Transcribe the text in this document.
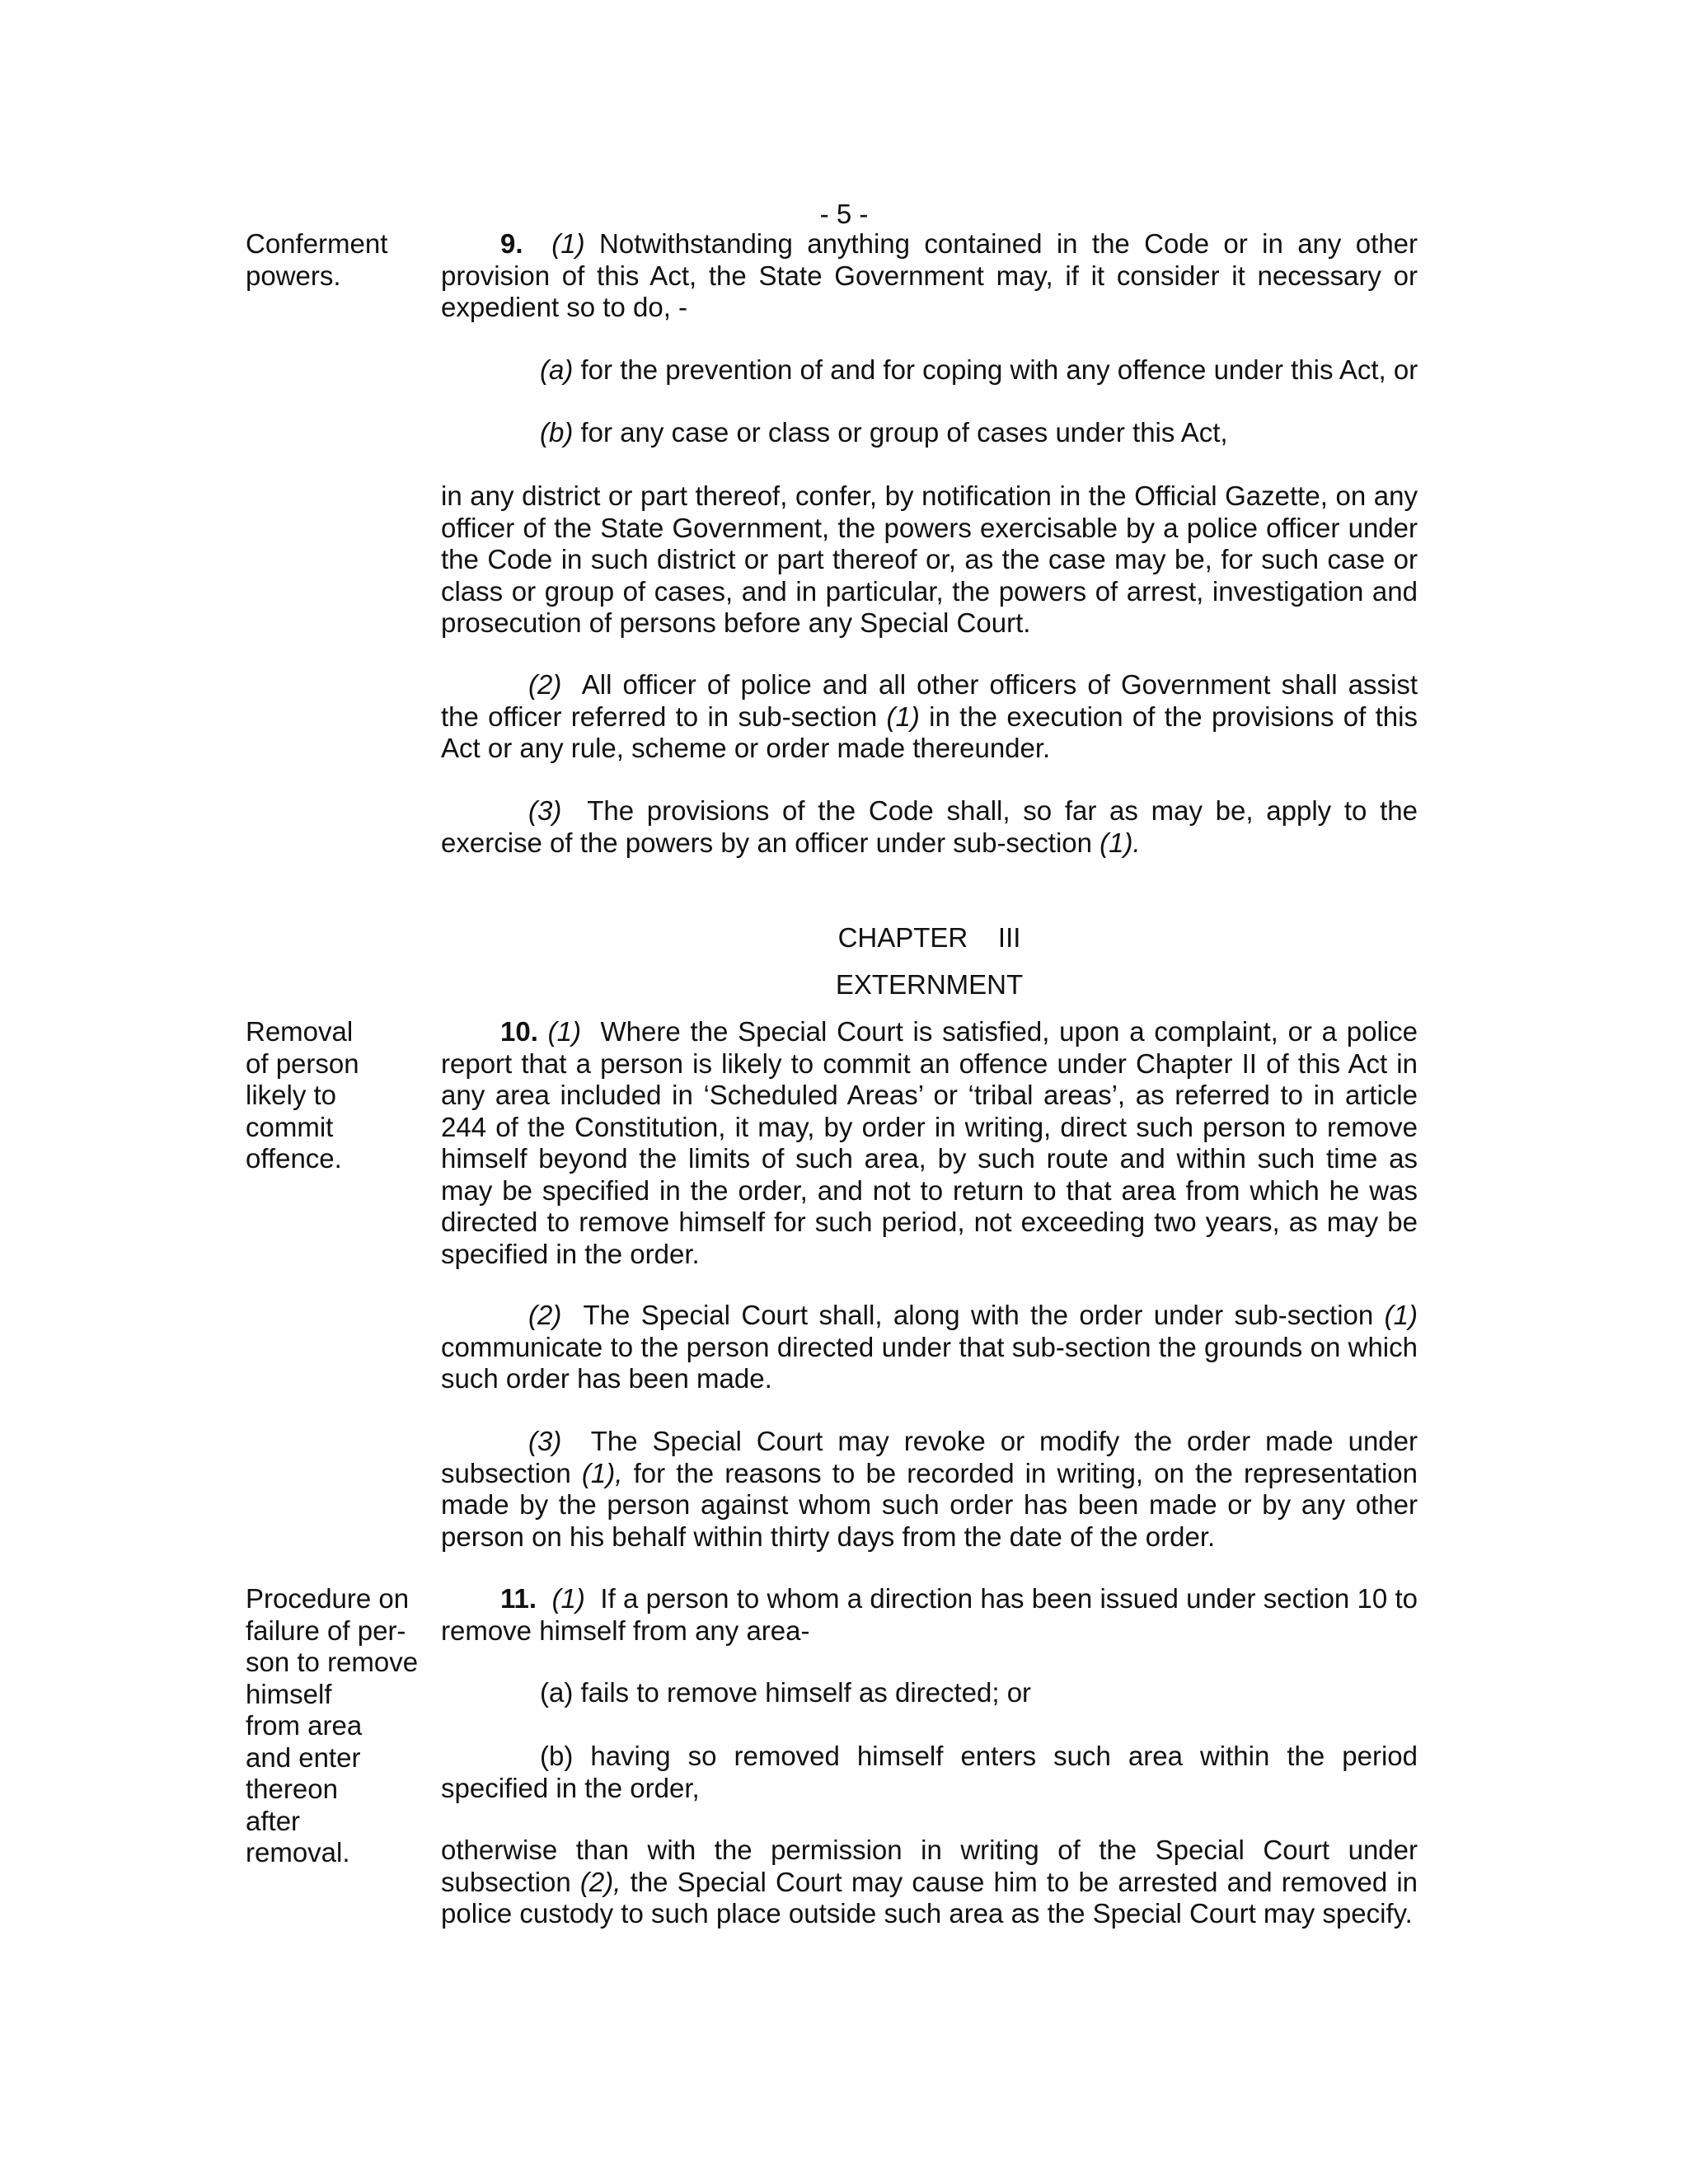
- 5 -
Conferment
powers.
9. (1) Notwithstanding anything contained in the Code or in any other provision of this Act, the State Government may, if it consider it necessary or expedient so to do, -
(a) for the prevention of and for coping with any offence under this Act, or
(b) for any case or class or group of cases under this Act,
in any district or part thereof, confer, by notification in the Official Gazette, on any officer of the State Government, the powers exercisable by a police officer under the Code in such district or part thereof or, as the case may be, for such case or class or group of cases, and in particular, the powers of arrest, investigation and prosecution of persons before any Special Court.
(2) All officer of police and all other officers of Government shall assist the officer referred to in sub-section (1) in the execution of the provisions of this Act or any rule, scheme or order made thereunder.
(3) The provisions of the Code shall, so far as may be, apply to the exercise of the powers by an officer under sub-section (1).
CHAPTER    III
EXTERNMENT
Removal
of person
likely to
commit
offence.
10. (1) Where the Special Court is satisfied, upon a complaint, or a police report that a person is likely to commit an offence under Chapter II of this Act in any area included in ‘Scheduled Areas’ or ‘tribal areas’, as referred to in article 244 of the Constitution, it may, by order in writing, direct such person to remove himself beyond the limits of such area, by such route and within such time as may be specified in the order, and not to return to that area from which he was directed to remove himself for such period, not exceeding two years, as may be specified in the order.
(2) The Special Court shall, along with the order under sub-section (1) communicate to the person directed under that sub-section the grounds on which such order has been made.
(3) The Special Court may revoke or modify the order made under subsection (1), for the reasons to be recorded in writing, on the representation made by the person against whom such order has been made or by any other person on his behalf within thirty days from the date of the order.
Procedure on
failure of per-
son to remove
himself
from area
and enter
thereon
after
removal.
11. (1) If a person to whom a direction has been issued under section 10 to remove himself from any area-
(a) fails to remove himself as directed; or
(b) having so removed himself enters such area within the period specified in the order,
otherwise than with the permission in writing of the Special Court under subsection (2), the Special Court may cause him to be arrested and removed in police custody to such place outside such area as the Special Court may specify.
